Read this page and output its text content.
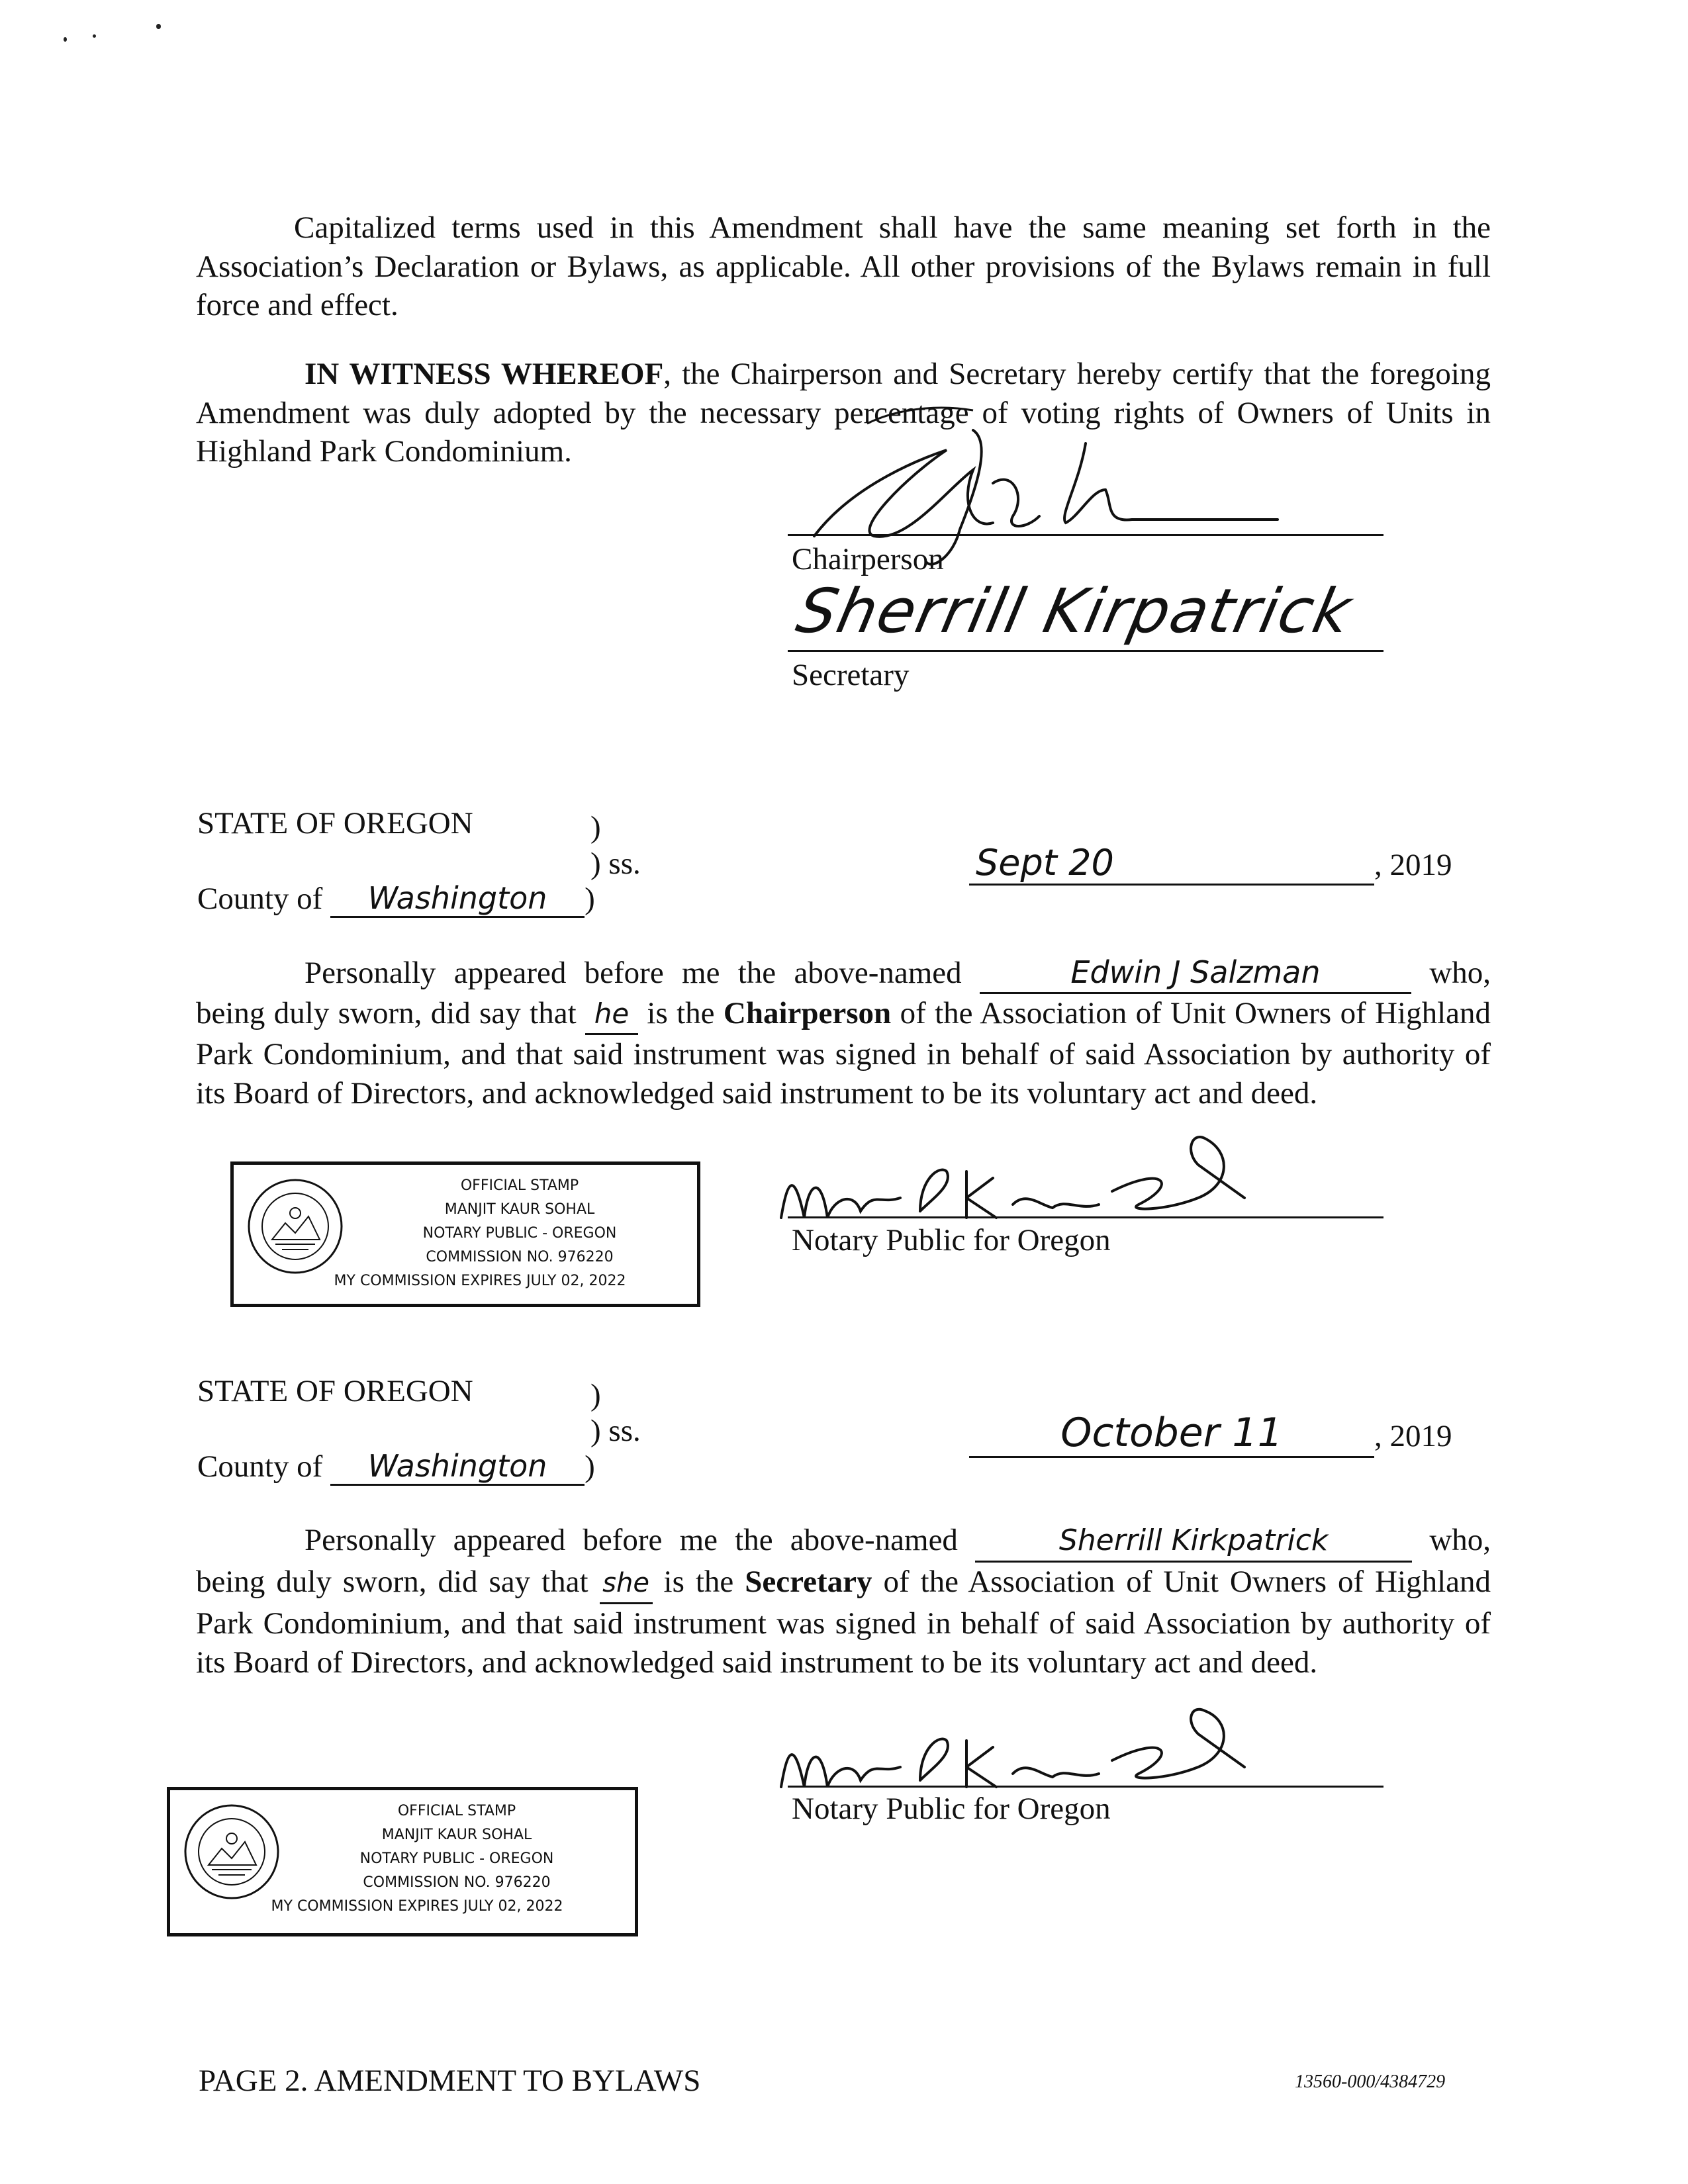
Capitalized terms used in this Amendment shall have the same meaning set forth in the Association’s Declaration or Bylaws, as applicable. All other provisions of the Bylaws remain in full force and effect.
IN WITNESS WHEREOF, the Chairperson and Secretary hereby certify that the foregoing Amendment was duly adopted by the necessary percentage of voting rights of Owners of Units in Highland Park Condominium.
Chairperson
Sherrill Kirpatrick
Secretary
STATE OF OREGON	)
) ss.
County of Washington )
Sept 20	, 2019
Personally appeared before me the above-named	Edwin J Salzman	who, being duly sworn, did say that he is the Chairperson of the Association of Unit Owners of Highland Park Condominium, and that said instrument was signed in behalf of said Association by authority of its Board of Directors, and acknowledged said instrument to be its voluntary act and deed.
OFFICIAL STAMP
MANJIT KAUR SOHAL
NOTARY PUBLIC - OREGON
COMMISSION NO. 976220
MY COMMISSION EXPIRES JULY 02, 2022
Notary Public for Oregon
STATE OF OREGON	)
) ss.
County of Washington )
October 11	, 2019
Personally appeared before me the above-named	Sherrill Kirkpatrick	who, being duly sworn, did say that she is the Secretary of the Association of Unit Owners of Highland Park Condominium, and that said instrument was signed in behalf of said Association by authority of its Board of Directors, and acknowledged said instrument to be its voluntary act and deed.
Notary Public for Oregon
OFFICIAL STAMP
MANJIT KAUR SOHAL
NOTARY PUBLIC - OREGON
COMMISSION NO. 976220
MY COMMISSION EXPIRES JULY 02, 2022
PAGE 2. AMENDMENT TO BYLAWS	13560-000/4384729
